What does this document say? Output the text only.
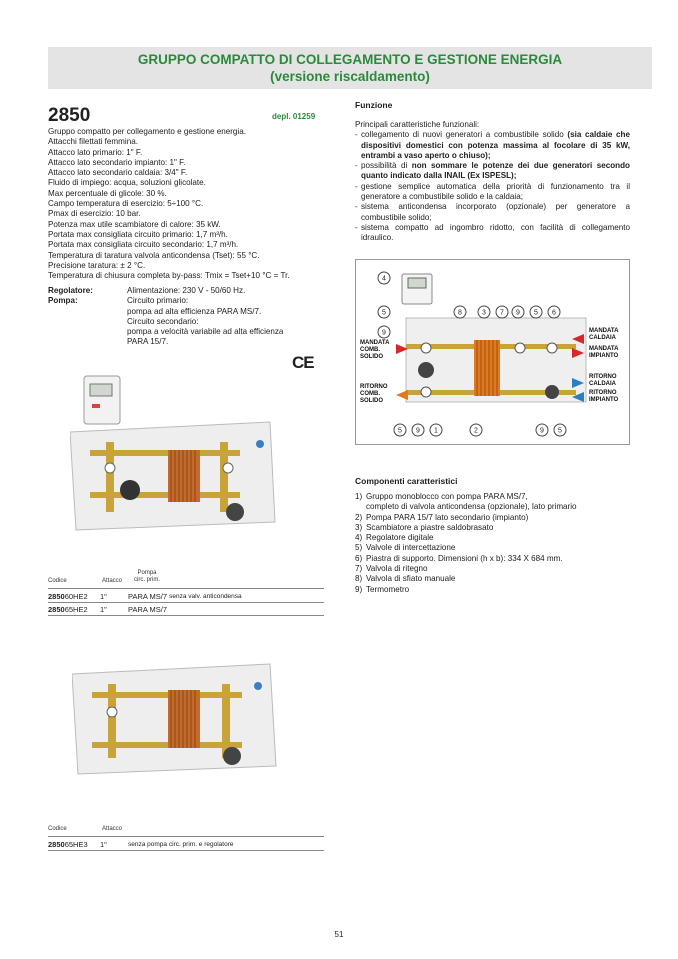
GRUPPO COMPATTO DI COLLEGAMENTO E GESTIONE ENERGIA
(versione riscaldamento)
2850	depl. 01259
Gruppo compatto per collegamento e gestione energia.
Attacchi filettati femmina.
Attacco lato primario: 1" F.
Attacco lato secondario impianto: 1" F.
Attacco lato secondario caldaia: 3/4" F.
Fluido di impiego: acqua, soluzioni glicolate.
Max percentuale di glicole: 30 %.
Campo temperatura di esercizio: 5÷100 °C.
Pmax di esercizio: 10 bar.
Potenza max utile scambiatore di calore: 35 kW.
Portata max consigliata circuito primario: 1,7 m³/h.
Portata max consigliata circuito secondario: 1,7 m³/h.
Temperatura di taratura valvola anticondensa (Tset): 55 °C.
Precisione taratura: ± 2 °C.
Temperatura di chiusura completa by-pass: Tmix = Tset+10 °C = Tr.
Regolatore:	Alimentazione: 230 V - 50/60 Hz.
Pompa:	Circuito primario:
pompa ad alta efficienza PARA MS/7.
Circuito secondario:
pompa a velocità variabile ad alta efficienza
PARA 15/7.
CE
Codice	Attacco
Pompa
circ. prim.
285060HE2	1"	PARA MS/7
senza valv. anticondensa
285065HE2	1"	PARA MS/7
Codice	Attacco
285065HE3	1"	senza pompa circ. prim. e regolatore
Funzione
Principali caratteristiche funzionali:
- collegamento di nuovi generatori a combustibile solido (sia caldaie che dispositivi domestici con potenza massima al focolare di 35 kW, entrambi a vaso aperto o chiuso);
- possibilità di non sommare le potenze dei due generatori secondo quanto indicato dalla INAIL (Ex ISPESL);
- gestione semplice automatica della priorità di funzionamento tra il generatore a combustibile solido e la caldaia;
- sistema anticondensa incorporato (opzionale) per generatore a combustibile solido;
- sistema compatto ad ingombro ridotto, con facilità di collegamento idraulico.
4
5
9
8	3 7 9 5 6
5 9 1	2	9 5
MANDATA COMB. SOLIDO
RITORNO COMB. SOLIDO
MANDATA CALDAIA
MANDATA IMPIANTO
RITORNO CALDAIA
RITORNO IMPIANTO
Componenti caratteristici
1) Gruppo monoblocco con pompa PARA MS/7,
completo di valvola anticondensa (opzionale), lato primario
2) Pompa PARA 15/7 lato secondario (impianto)
3) Scambiatore a piastre saldobrasato
4) Regolatore digitale
5) Valvole di intercettazione
6) Piastra di supporto. Dimensioni (h x b): 334 X 684 mm.
7) Valvola di ritegno
8) Valvola di sfiato manuale
9) Termometro
51
